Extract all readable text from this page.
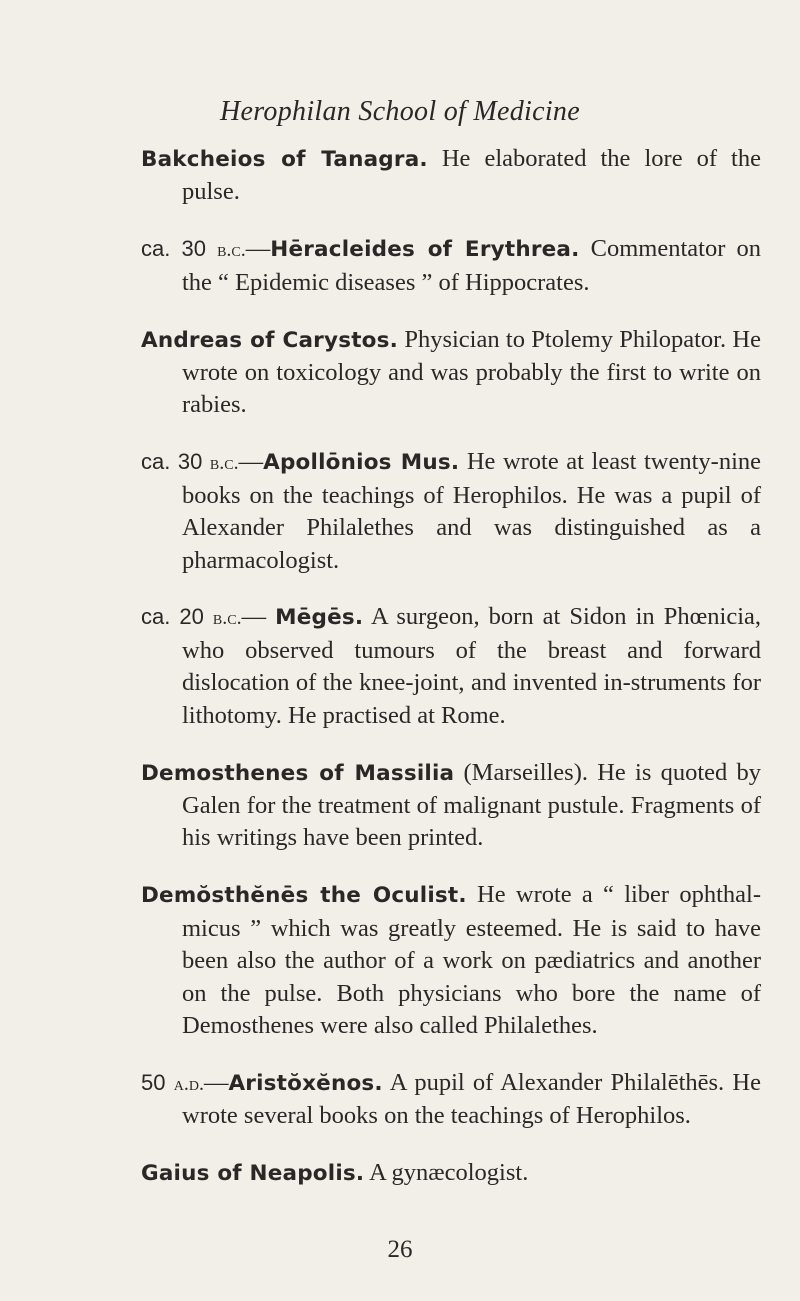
Herophilan School of Medicine

Bakcheios of Tanagra. He elaborated the lore of the pulse.

ca. 30 b.c.—Hēracleides of Erythrea. Commentator on the “ Epidemic diseases ” of Hippocrates.

Andreas of Carystos. Physician to Ptolemy Philopator. He wrote on toxicology and was probably the first to write on rabies.

ca. 30 b.c.—Apollōnios Mus. He wrote at least twenty-nine books on the teachings of Herophilos. He was a pupil of Alexander Philalethes and was distinguished as a pharmacologist.

ca. 20 b.c.— Mēgēs. A surgeon, born at Sidon in Phœnicia, who observed tumours of the breast and forward dislocation of the knee-joint, and invented in-struments for lithotomy. He practised at Rome.

Demosthenes of Massilia (Marseilles). He is quoted by Galen for the treatment of malignant pustule. Fragments of his writings have been printed.

Demŏsthĕnēs the Oculist. He wrote a “ liber ophthal-micus ” which was greatly esteemed. He is said to have been also the author of a work on pædiatrics and another on the pulse. Both physicians who bore the name of Demosthenes were also called Philalethes.

50 a.d.—Aristŏxĕnos. A pupil of Alexander Philalēthēs. He wrote several books on the teachings of Herophilos.

Gaius of Neapolis. A gynæcologist.

26
